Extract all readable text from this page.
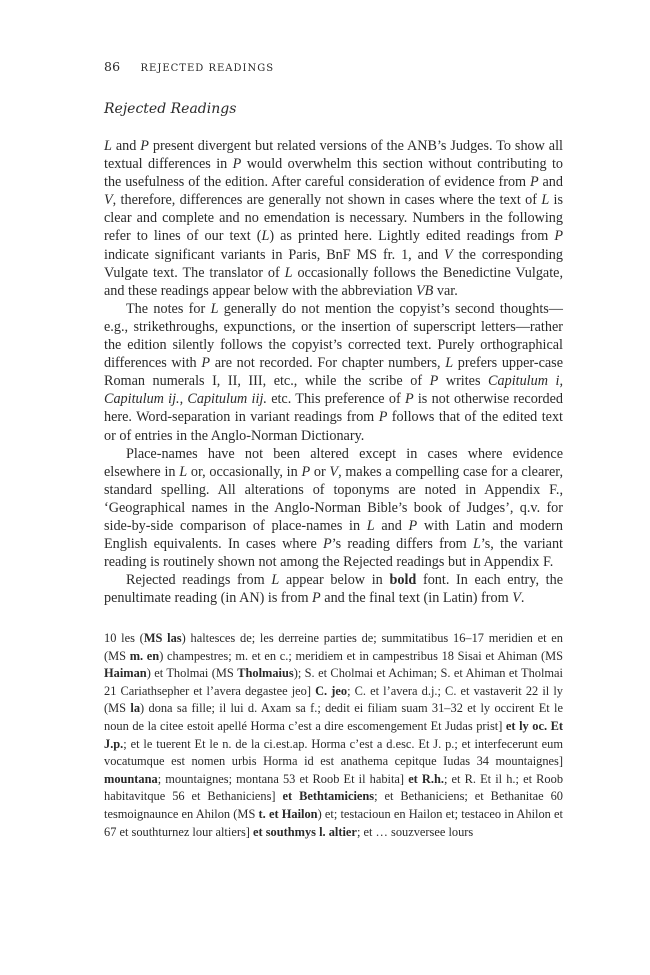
86 REJECTED READINGS
Rejected Readings

L and P present divergent but related versions of the ANB’s Judges. To show all textual differences in P would overwhelm this section without contributing to the usefulness of the edition. After careful consideration of evidence from P and V, therefore, differences are generally not shown in cases where the text of L is clear and complete and no emendation is necessary. Numbers in the following refer to lines of our text (L) as printed here. Lightly edited readings from P indicate significant variants in Paris, BnF MS fr. 1, and V the corresponding Vulgate text. The translator of L occasionally follows the Benedictine Vulgate, and these readings appear below with the abbreviation VB var.

The notes for L generally do not mention the copyist’s second thoughts—e.g., strikethroughs, expunctions, or the insertion of superscript letters—rather the edition silently follows the copyist’s corrected text. Purely orthographical differences with P are not recorded. For chapter numbers, L prefers upper-case Roman numerals I, II, III, etc., while the scribe of P writes Capitulum i, Capitulum ij., Capitulum iij. etc. This preference of P is not otherwise recorded here. Word-separation in variant readings from P follows that of the edited text or of entries in the Anglo-Norman Dictionary.

Place-names have not been altered except in cases where evidence elsewhere in L or, occasionally, in P or V, makes a compelling case for a clearer, standard spelling. All alterations of toponyms are noted in Appendix F., ‘Geographical names in the Anglo-Norman Bible’s book of Judges’, q.v. for side-by-side comparison of place-names in L and P with Latin and modern English equivalents. In cases where P’s reading differs from L’s, the variant reading is routinely shown not among the Rejected readings but in Appendix F.

Rejected readings from L appear below in bold font. In each entry, the penultimate reading (in AN) is from P and the final text (in Latin) from V.

10 les (MS las) haltesces de; les derreine parties de; summitatibus 16–17 meridien et en (MS m. en) champestres; m. et en c.; meridiem et in campestribus 18 Sisai et Ahiman (MS Haiman) et Tholmai (MS Tholmaius); S. et Cholmai et Achiman; S. et Ahiman et Tholmai 21 Cariathsepher et l’avera degastee jeo] C. jeo; C. et l’avera d.j.; C. et vastaverit 22 il ly (MS la) dona sa fille; il lui d. Axam sa f.; dedit ei filiam suam 31–32 et ly occirent Et le noun de la citee estoit apellé Horma c’est a dire escomengement Et Judas prist] et ly oc. Et J.p.; et le tuerent Et le n. de la ci.est.ap. Horma c’est a d.esc. Et J. p.; et interfecerunt eum vocatumque est nomen urbis Horma id est anathema cepitque Iudas 34 mountaignes] mountana; mountaignes; montana 53 et Roob Et il habita] et R.h.; et R. Et il h.; et Roob habitavitque 56 et Bethaniciens] et Bethtamiciens; et Bethaniciens; et Bethanitae 60 tesmoignaunce en Ahilon (MS t. et Hailon) et; testacioun en Hailon et; testaceo in Ahilon et 67 et southturnez lour altiers] et southmys l. altier; et … souzversee lours
